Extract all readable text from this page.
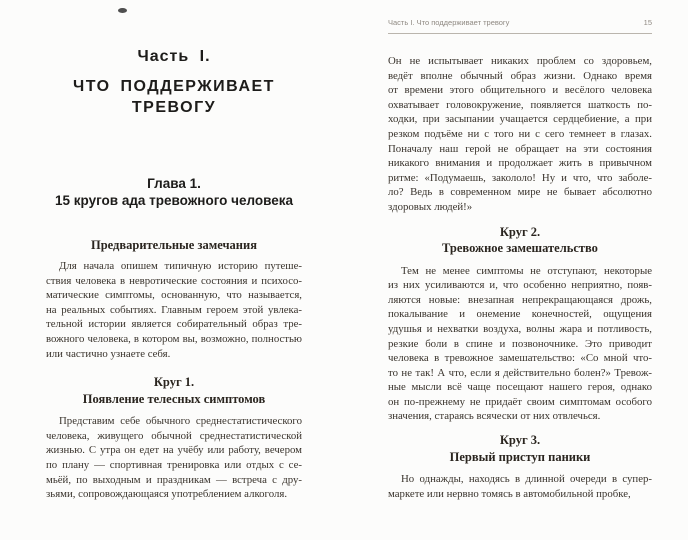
Часть I.
ЧТО ПОДДЕРЖИВАЕТ
ТРЕВОГУ
Глава 1.
15 кругов ада тревожного человека
Предварительные замечания
Для начала опишем типичную историю путеше-
ствия человека в невротические состояния и психосо-
матические симптомы, основанную, что называется,
на реальных событиях. Главным героем этой увлека-
тельной истории является собирательный образ тре-
вожного человека, в котором вы, возможно, полностью
или частично узнаете себя.
Круг 1.
Появление телесных симптомов
Представим себе обычного среднестатистического
человека, живущего обычной среднестатистической
жизнью. С утра он едет на учёбу или работу, вечером
по плану — спортивная тренировка или отдых с се-
мьёй, по выходным и праздникам — встреча с дру-
зьями, сопровождающаяся употреблением алкоголя.
Часть I. Что поддерживает тревогу	15
Он не испытывает никаких проблем со здоровьем,
ведёт вполне обычный образ жизни. Однако время
от времени этого общительного и весёлого человека
охватывает головокружение, появляется шаткость по-
ходки, при засыпании учащается сердцебиение, а при
резком подъёме ни с того ни с сего темнеет в глазах.
Поначалу наш герой не обращает на эти состояния
никакого внимания и продолжает жить в привычном
ритме: «Подумаешь, закололо! Ну и что, что заболе-
ло? Ведь в современном мире не бывает абсолютно
здоровых людей!»
Круг 2.
Тревожное замешательство
Тем не менее симптомы не отступают, некоторые
из них усиливаются и, что особенно неприятно, появ-
ляются новые: внезапная непрекращающаяся дрожь,
покалывание и онемение конечностей, ощущения
удушья и нехватки воздуха, волны жара и потливость,
резкие боли в спине и позвоночнике. Это приводит
человека в тревожное замешательство: «Со мной что-
то не так! А что, если я действительно болен?» Тревож-
ные мысли всё чаще посещают нашего героя, однако
он по-прежнему не придаёт своим симптомам особого
значения, стараясь всячески от них отвлечься.
Круг 3.
Первый приступ паники
Но однажды, находясь в длинной очереди в супер-
маркете или нервно томясь в автомобильной пробке,
